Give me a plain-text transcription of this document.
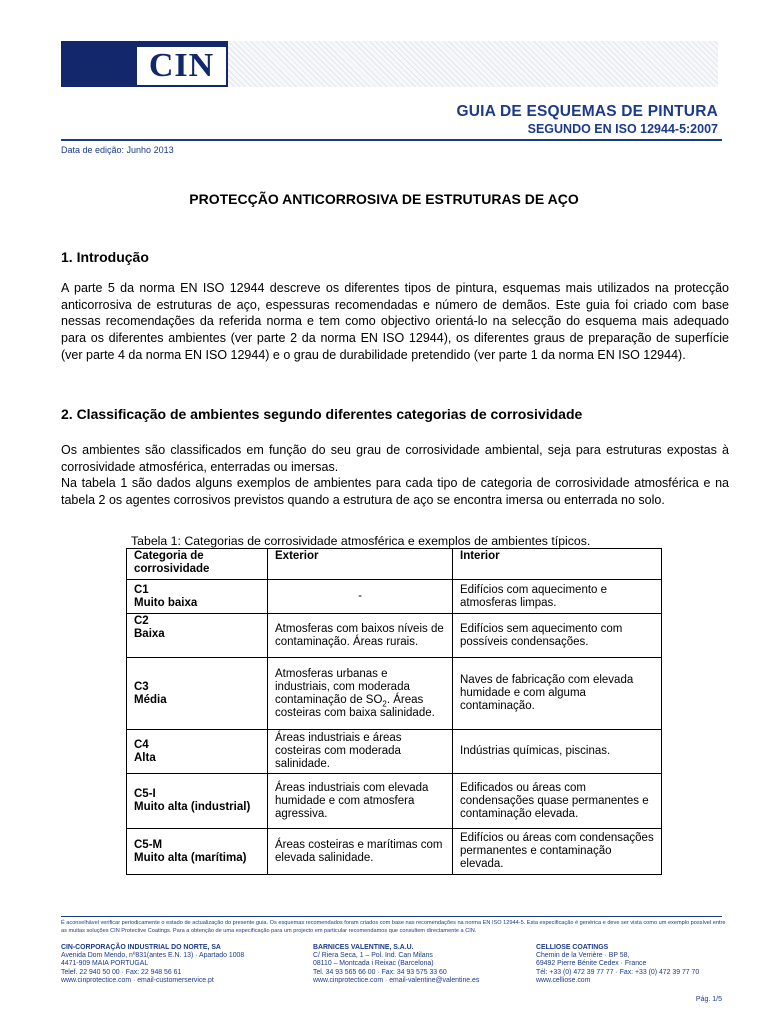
CIN
GUIA DE ESQUEMAS DE PINTURA
SEGUNDO EN ISO 12944-5:2007
Data de edição: Junho 2013
PROTECÇÃO ANTICORROSIVA DE ESTRUTURAS DE AÇO
1. Introdução
A parte 5 da norma EN ISO 12944 descreve os diferentes tipos de pintura, esquemas mais utilizados na protecção anticorrosiva de estruturas de aço, espessuras recomendadas e número de demãos. Este guia foi criado com base nessas recomendações da referida norma e tem como objectivo orientá-lo na selecção do esquema mais adequado para os diferentes ambientes (ver parte 2 da norma EN ISO 12944), os diferentes graus de preparação de superfície (ver parte 4 da norma EN ISO 12944) e o grau de durabilidade pretendido (ver parte 1 da norma EN ISO 12944).
2. Classificação de ambientes segundo diferentes categorias de corrosividade
Os ambientes são classificados em função do seu grau de corrosividade ambiental, seja para estruturas expostas à corrosividade atmosférica, enterradas ou imersas.
Na tabela 1 são dados alguns exemplos de ambientes para cada tipo de categoria de corrosividade atmosférica e na tabela 2 os agentes corrosivos previstos quando a estrutura de aço se encontra imersa ou enterrada no solo.
Tabela 1: Categorias de corrosividade atmosférica e exemplos de ambientes típicos.
Categoria de corrosividade	Exterior	Interior
C1
Muito baixa	-	Edifícios com aquecimento e atmosferas limpas.
C2
Baixa	Atmosferas com baixos níveis de contaminação. Áreas rurais.	Edifícios sem aquecimento com possíveis condensações.
C3
Média	Atmosferas urbanas e industriais, com moderada contaminação de $SO_2$. Áreas costeiras com baixa salinidade.	Naves de fabricação com elevada humidade e com alguma contaminação.
C4
Alta	Áreas industriais e áreas costeiras com moderada salinidade.	Indústrias químicas, piscinas.
C5-I
Muito alta (industrial)	Áreas industriais com elevada humidade e com atmosfera agressiva.	Edificados ou áreas com condensações quase permanentes e contaminação elevada.
C5-M
Muito alta (marítima)	Áreas costeiras e marítimas com elevada salinidade.	Edifícios ou áreas com condensações permanentes e contaminação elevada.
É aconselhável verificar periodicamente o estado de actualização do presente guia. Os esquemas recomendados foram criados com base nas recomendações na norma EN ISO 12944-5. Esta especificação é genérica e deve ser vista como um exemplo possível entre as muitas soluções CIN Protective Coatings. Para a obtenção de uma especificação para um projecto em particular recomendamos que consultem directamente a CIN.
CIN-CORPORAÇÃO INDUSTRIAL DO NORTE, SA
Avenida Dom Mendo, nº831(antes E.N. 13) · Apartado 1008
4471-909 MAIA PORTUGAL
Telef. 22 940 50 00 · Fax: 22 948 56 61
www.cinprotectice.com · email-customerservice.pt
BARNICES VALENTINE, S.A.U.
C/ Riera Seca, 1 – Pol. Ind. Can Milans
08110 – Montcada i Reixac (Barcelona)
Tel. 34 93 565 66 00 · Fax: 34 93 575 33 60
www.cinprotectice.com · email-valentine@valentine.es
CELLIOSE COATINGS
Chemin de la Verrière · BP 58,
69492 Pierre Bénite Cedex · France
Tél: +33 (0) 472 39 77 77 · Fax: +33 (0) 472 39 77 70
www.celliose.com
Pág. 1/5
